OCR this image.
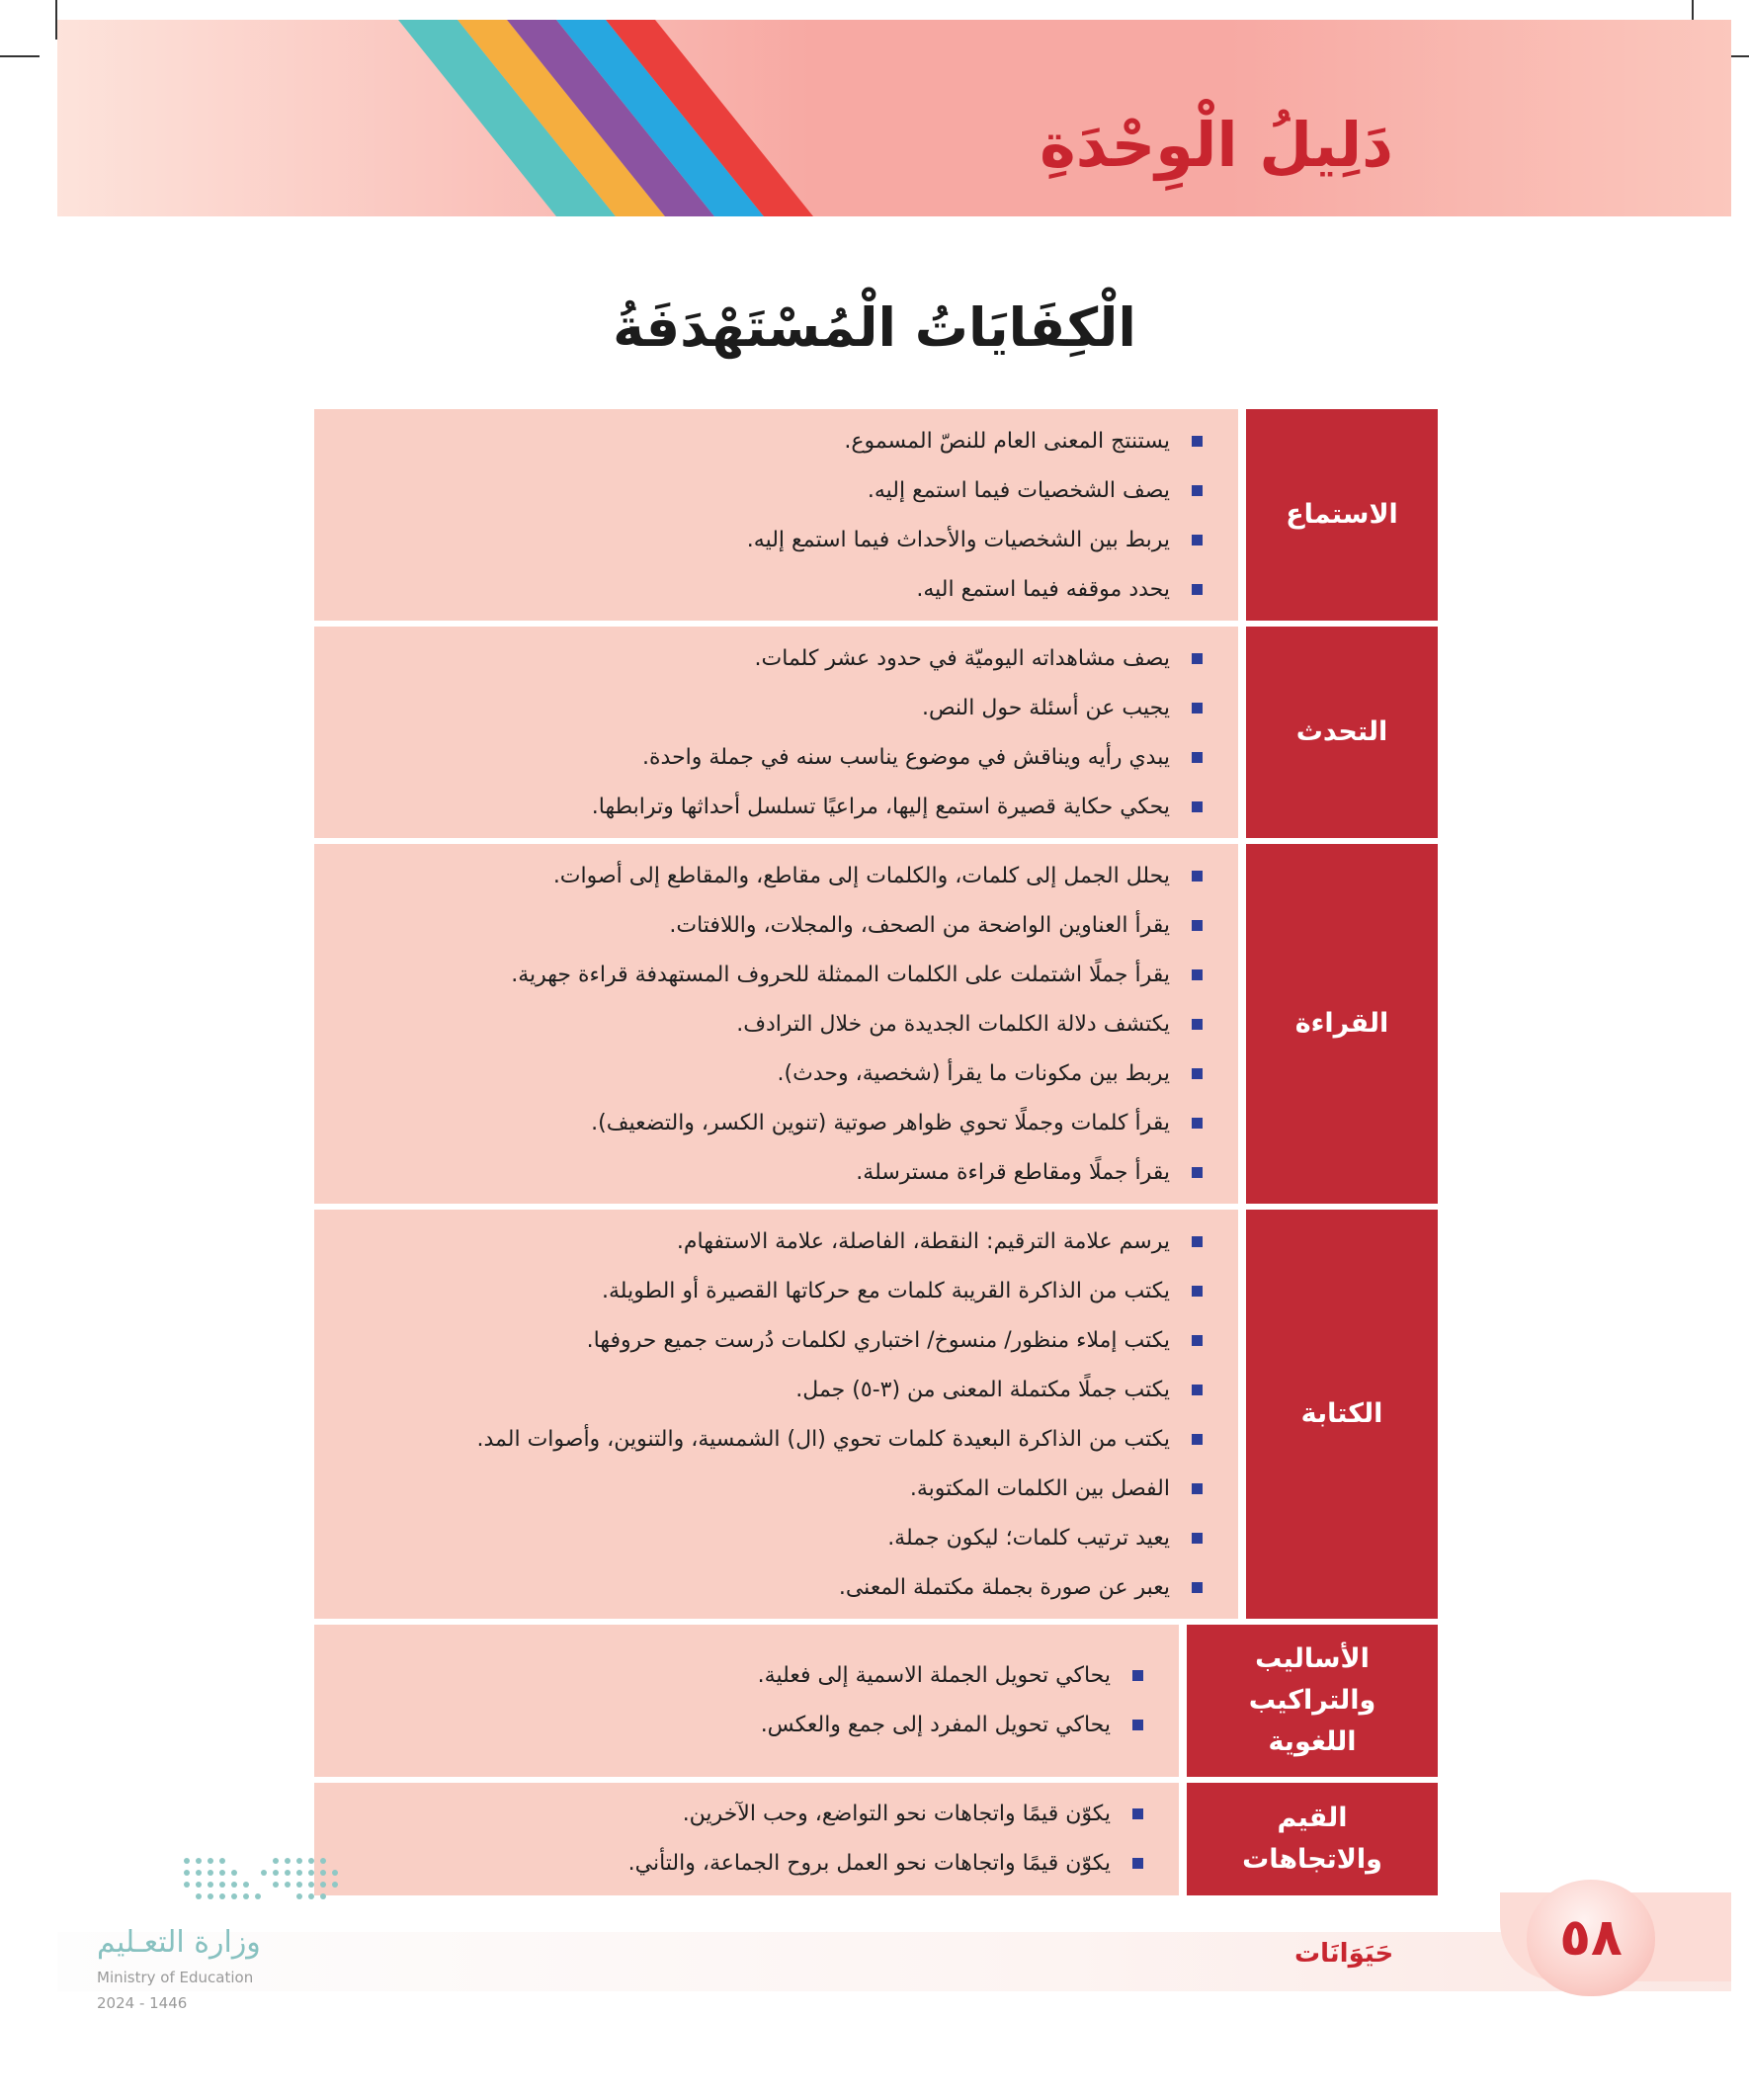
دَلِيلُ الْوِحْدَةِ
الْكِفَايَاتُ الْمُسْتَهْدَفَةُ
الاستماع
يستنتج المعنى العام للنصّ المسموع.
يصف الشخصيات فيما استمع إليه.
يربط بين الشخصيات والأحداث فيما استمع إليه.
يحدد موقفه فيما استمع اليه.
التحدث
يصف مشاهداته اليوميّة في حدود عشر كلمات.
يجيب عن أسئلة حول النص.
يبدي رأيه ويناقش في موضوع يناسب سنه في جملة واحدة.
يحكي حكاية قصيرة استمع إليها، مراعيًا تسلسل أحداثها وترابطها.
القراءة
يحلل الجمل إلى كلمات، والكلمات إلى مقاطع، والمقاطع إلى أصوات.
يقرأ العناوين الواضحة من الصحف، والمجلات، واللافتات.
يقرأ جملًا اشتملت على الكلمات الممثلة للحروف المستهدفة قراءة جهرية.
يكتشف دلالة الكلمات الجديدة من خلال الترادف.
يربط بين مكونات ما يقرأ (شخصية، وحدث).
يقرأ كلمات وجملًا تحوي ظواهر صوتية (تنوين الكسر، والتضعيف).
يقرأ جملًا ومقاطع قراءة مسترسلة.
الكتابة
يرسم علامة الترقيم: النقطة، الفاصلة، علامة الاستفهام.
يكتب من الذاكرة القريبة كلمات مع حركاتها القصيرة أو الطويلة.
يكتب إملاء منظور/ منسوخ/ اختباري لكلمات دُرست جميع حروفها.
يكتب جملًا مكتملة المعنى من (٣-٥) جمل.
يكتب من الذاكرة البعيدة كلمات تحوي (ال) الشمسية، والتنوين، وأصوات المد.
الفصل بين الكلمات المكتوبة.
يعيد ترتيب كلمات؛ ليكون جملة.
يعبر عن صورة بجملة مكتملة المعنى.
الأساليب والتراكيب اللغوية
يحاكي تحويل الجملة الاسمية إلى فعلية.
يحاكي تحويل المفرد إلى جمع والعكس.
القيم والاتجاهات
يكوّن قيمًا واتجاهات نحو التواضع، وحب الآخرين.
يكوّن قيمًا واتجاهات نحو العمل بروح الجماعة، والتأني.
٥٨
حَيَوَانَات
وزارة التعـليم
Ministry of Education
2024 - 1446
